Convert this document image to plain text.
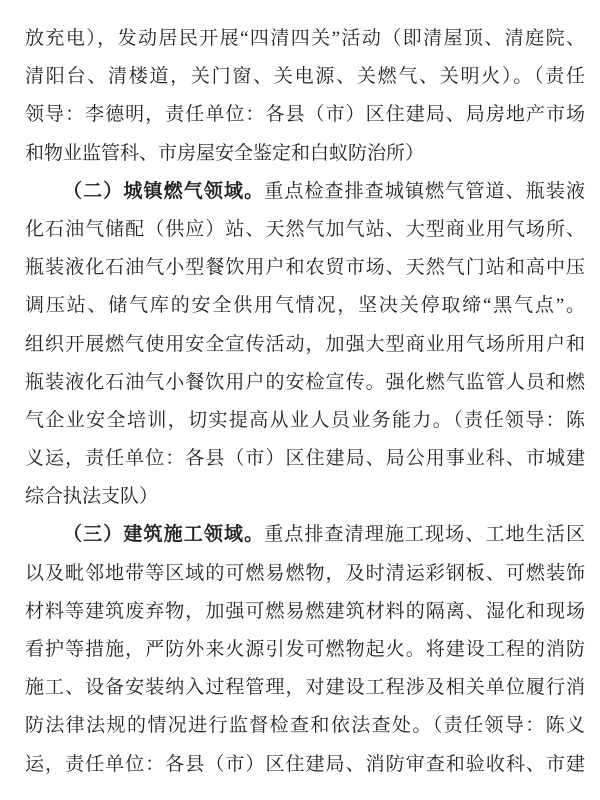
放充电），发动居民开展“四清四关”活动（即清屋顶、清庭院、
清阳台、清楼道，关门窗、关电源、关燃气、关明火）。（责任
领导：李德明，责任单位：各县（市）区住建局、局房地产市场
和物业监管科、市房屋安全鉴定和白蚁防治所）
（二）城镇燃气领域。重点检查排查城镇燃气管道、瓶装液
化石油气储配（供应）站、天然气加气站、大型商业用气场所、
瓶装液化石油气小型餐饮用户和农贸市场、天然气门站和高中压
调压站、储气库的安全供用气情况，坚决关停取缔“黑气点”。
组织开展燃气使用安全宣传活动，加强大型商业用气场所用户和
瓶装液化石油气小餐饮用户的安检宣传。强化燃气监管人员和燃
气企业安全培训，切实提高从业人员业务能力。（责任领导：陈
义运，责任单位：各县（市）区住建局、局公用事业科、市城建
综合执法支队）
（三）建筑施工领域。重点排查清理施工现场、工地生活区
以及毗邻地带等区域的可燃易燃物，及时清运彩钢板、可燃装饰
材料等建筑废弃物，加强可燃易燃建筑材料的隔离、湿化和现场
看护等措施，严防外来火源引发可燃物起火。将建设工程的消防
施工、设备安装纳入过程管理，对建设工程涉及相关单位履行消
防法律法规的情况进行监督检查和依法查处。（责任领导：陈义
运，责任单位：各县（市）区住建局、消防审查和验收科、市建
